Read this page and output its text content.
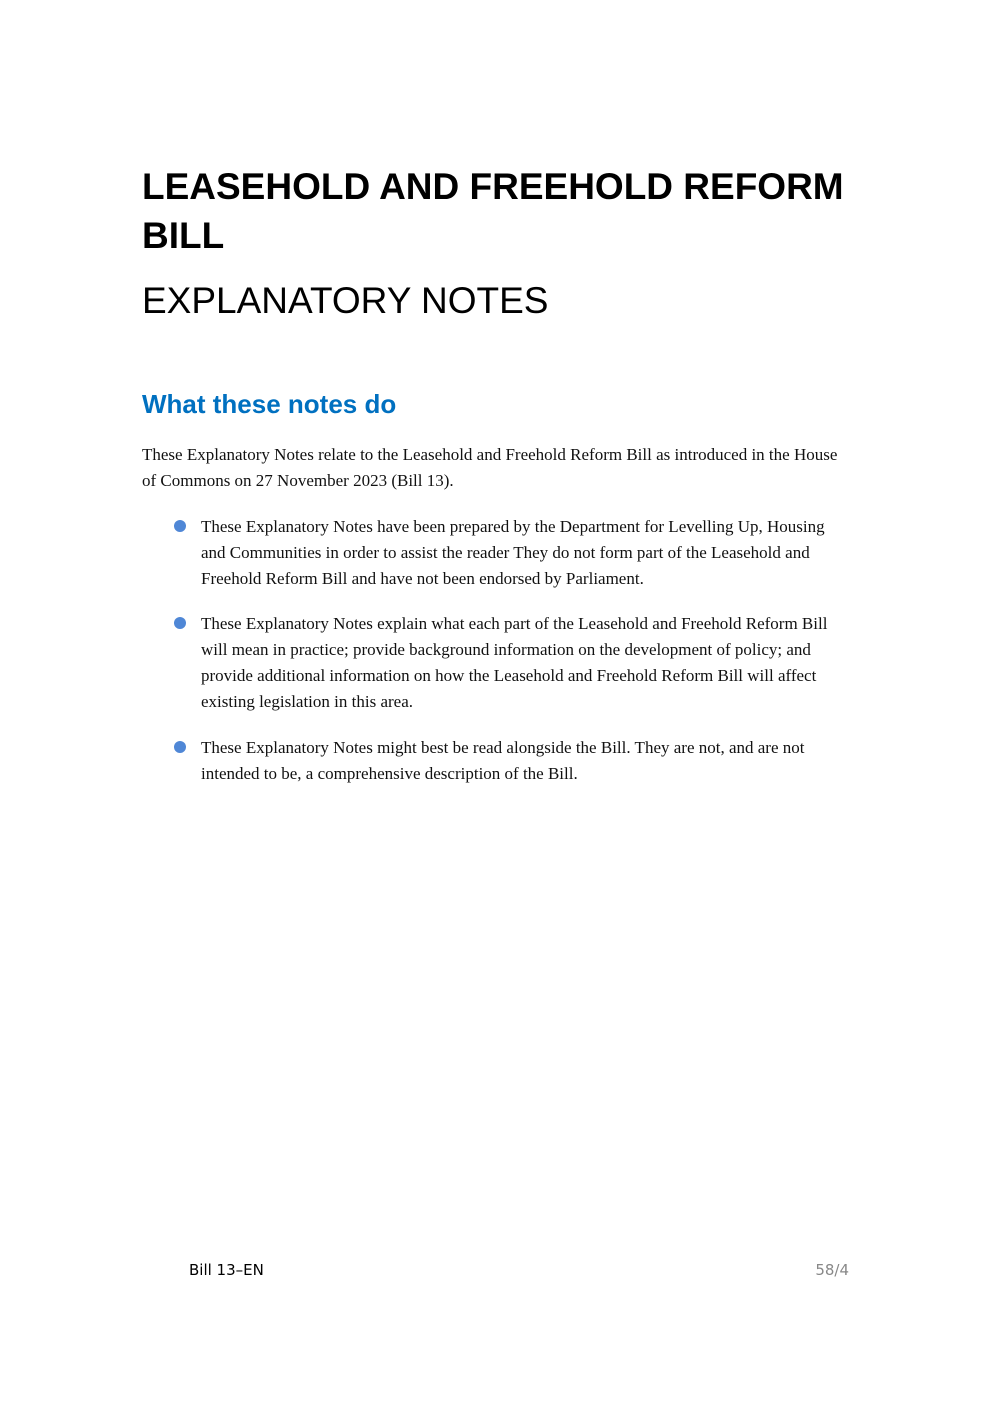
LEASEHOLD AND FREEHOLD REFORM
BILL
EXPLANATORY NOTES
What these notes do

These Explanatory Notes relate to the Leasehold and Freehold Reform Bill as introduced in the House
of Commons on 27 November 2023 (Bill 13).

These Explanatory Notes have been prepared by the Department for Levelling Up, Housing
and Communities in order to assist the reader They do not form part of the Leasehold and
Freehold Reform Bill and have not been endorsed by Parliament.
These Explanatory Notes explain what each part of the Leasehold and Freehold Reform Bill
will mean in practice; provide background information on the development of policy; and
provide additional information on how the Leasehold and Freehold Reform Bill will affect
existing legislation in this area.
These Explanatory Notes might best be read alongside the Bill. They are not, and are not
intended to be, a comprehensive description of the Bill.
Bill 13–EN	58/4
